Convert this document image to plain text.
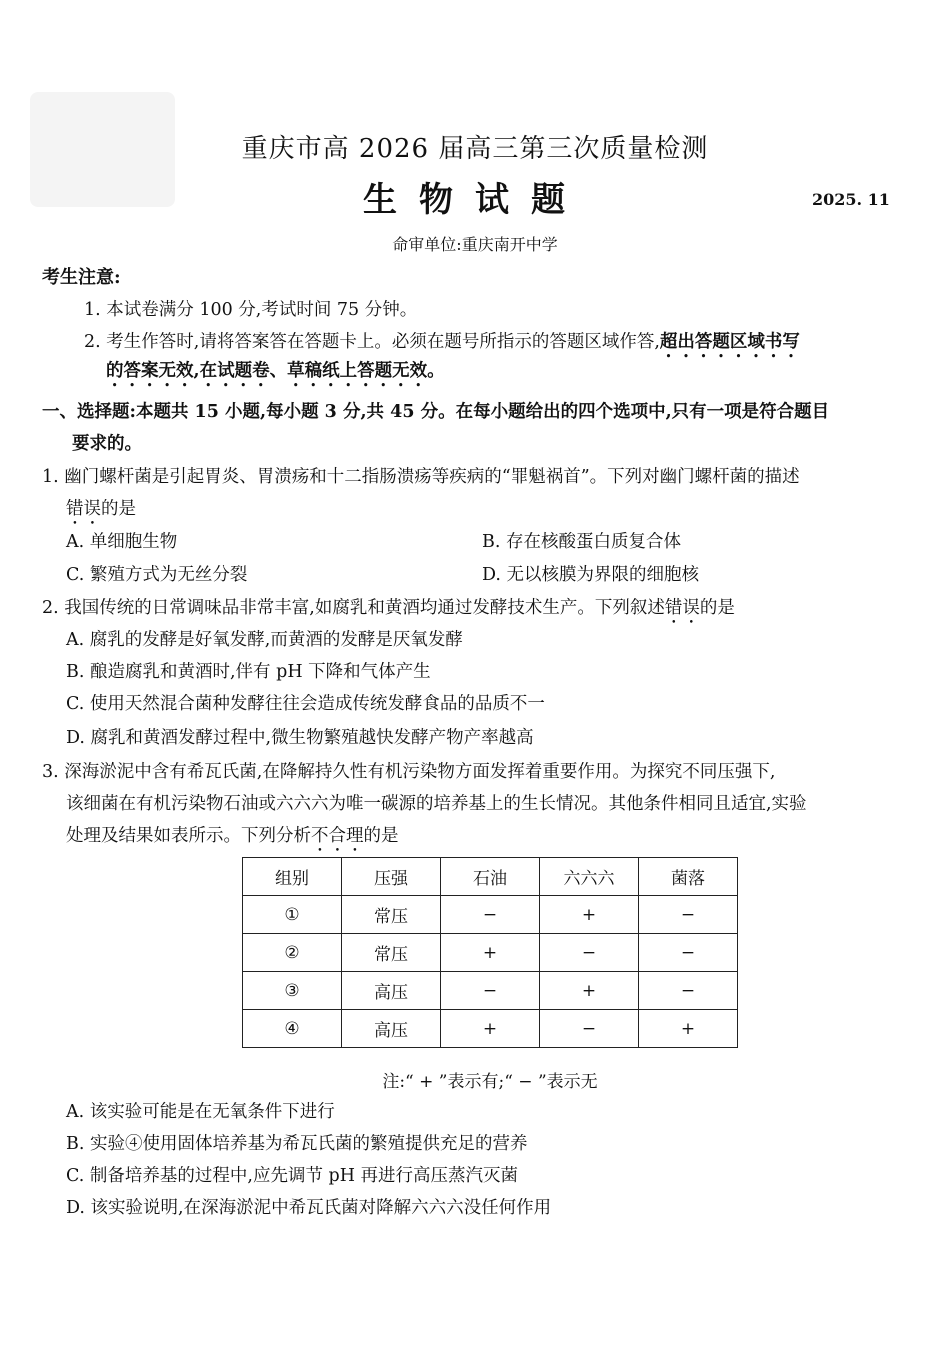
重庆市高 2026 届高三第三次质量检测
生物试题	2025. 11
命审单位:重庆南开中学
考生注意:
1. 本试卷满分 100 分,考试时间 75 分钟。
2. 考生作答时,请将答案答在答题卡上。必须在题号所指示的答题区域作答,超出答题区域书写
的答案无效,在试题卷、草稿纸上答题无效。
一、选择题:本题共 15 小题,每小题 3 分,共 45 分。在每小题给出的四个选项中,只有一项是符合题目
要求的。
1. 幽门螺杆菌是引起胃炎、胃溃疡和十二指肠溃疡等疾病的“罪魁祸首”。下列对幽门螺杆菌的描述
错误的是
A. 单细胞生物	B. 存在核酸蛋白质复合体
C. 繁殖方式为无丝分裂	D. 无以核膜为界限的细胞核
2. 我国传统的日常调味品非常丰富,如腐乳和黄酒均通过发酵技术生产。下列叙述错误的是
A. 腐乳的发酵是好氧发酵,而黄酒的发酵是厌氧发酵
B. 酿造腐乳和黄酒时,伴有 pH 下降和气体产生
C. 使用天然混合菌种发酵往往会造成传统发酵食品的品质不一
D. 腐乳和黄酒发酵过程中,微生物繁殖越快发酵产物产率越高
3. 深海淤泥中含有希瓦氏菌,在降解持久性有机污染物方面发挥着重要作用。为探究不同压强下,
该细菌在有机污染物石油或六六六为唯一碳源的培养基上的生长情况。其他条件相同且适宜,实验
处理及结果如表所示。下列分析不合理的是
组别	压强	石油	六六六	菌落
①	常压	−	+	−
②	常压	+	−	−
③	高压	−	+	−
④	高压	+	−	+
注:“ + ”表示有;“ − ”表示无
A. 该实验可能是在无氧条件下进行
B. 实验④使用固体培养基为希瓦氏菌的繁殖提供充足的营养
C. 制备培养基的过程中,应先调节 pH 再进行高压蒸汽灭菌
D. 该实验说明,在深海淤泥中希瓦氏菌对降解六六六没任何作用
